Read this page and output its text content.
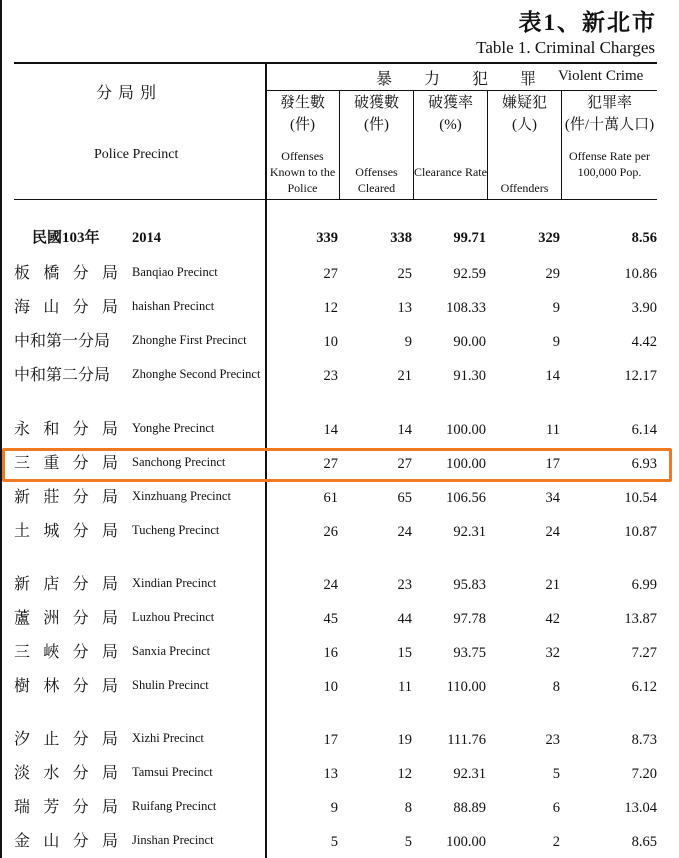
表1、新北市
Table 1. Criminal Charges
分 局 別
Police Precinct
暴 力 犯 罪 Violent Crime
發生數
(件)
Offenses Known to the Police
破獲數
(件)
Offenses Cleared
破獲率
(%)
Clearance Rate
嫌疑犯
(人)
Offenders
犯罪率
(件/十萬人口)
Offense Rate per 100,000 Pop.
民國103年 2014	339	338	99.71	329	8.56
板 橋 分 局 Banqiao Precinct	27	25	92.59	29	10.86
海 山 分 局 haishan Precinct	12	13	108.33	9	3.90
中和第一分局	Zhonghe First Precinct	10	9	90.00	9	4.42
中和第二分局	Zhonghe Second Precinct	23	21	91.30	14	12.17
永 和 分 局 Yonghe Precinct	14	14	100.00	11	6.14
三 重 分 局 Sanchong Precinct	27	27	100.00	17	6.93
新 莊 分 局 Xinzhuang Precinct	61	65	106.56	34	10.54
土 城 分 局 Tucheng Precinct	26	24	92.31	24	10.87
新 店 分 局 Xindian Precinct	24	23	95.83	21	6.99
蘆 洲 分 局 Luzhou Precinct	45	44	97.78	42	13.87
三 峽 分 局 Sanxia Precinct	16	15	93.75	32	7.27
樹 林 分 局 Shulin Precinct	10	11	110.00	8	6.12
汐 止 分 局 Xizhi Precinct	17	19	111.76	23	8.73
淡 水 分 局 Tamsui Precinct	13	12	92.31	5	7.20
瑞 芳 分 局 Ruifang Precinct	9	8	88.89	6	13.04
金 山 分 局 Jinshan Precinct	5	5	100.00	2	8.65
